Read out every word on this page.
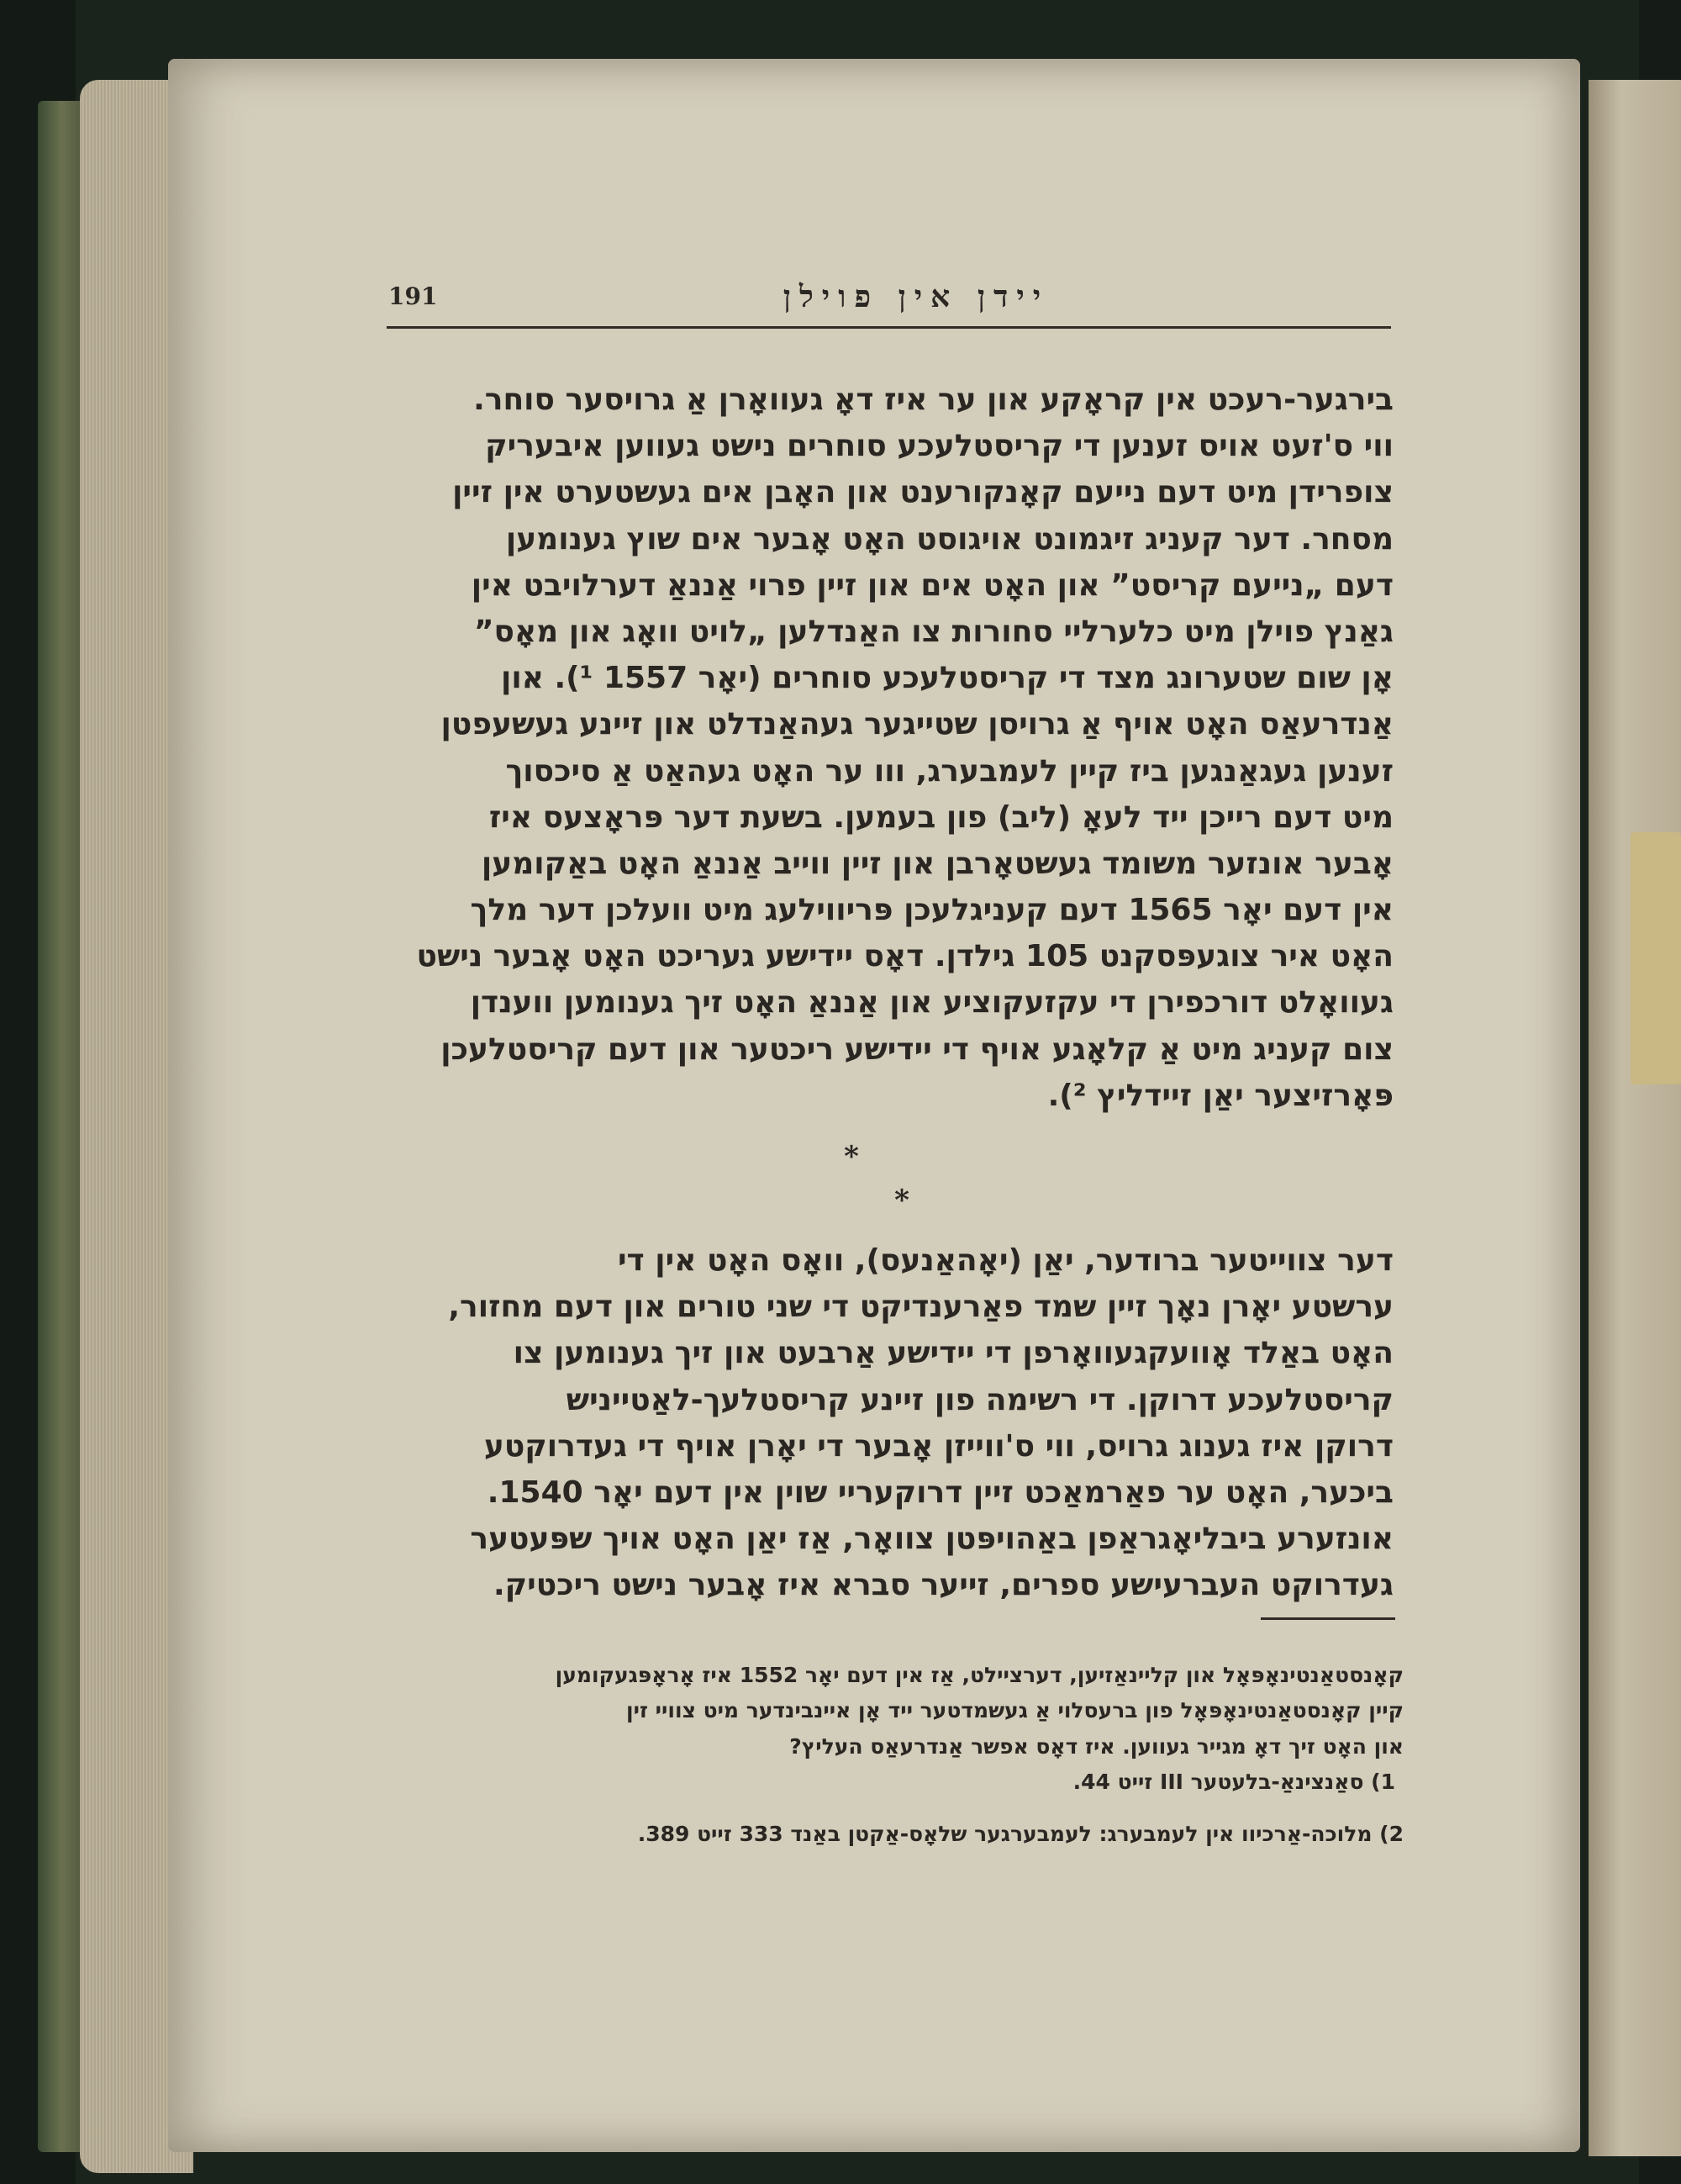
191	יידן אין פוילן
בירגער-רעכט אין קראָקע און ער איז דאָ געוואָרן אַ גרויסער סוחר.
ווי ס'זעט אויס זענען די קריסטלעכע סוחרים נישט געווען איבעריק
צופרידן מיט דעם נייעם קאָנקורענט און האָבן אים געשטערט אין זיין
מסחר. דער קעניג זיגמונט אויגוסט האָט אָבער אים שוץ גענומען
דעם „נייעם קריסט” און האָט אים און זיין פרוי אַננאַ דערלויבט אין
גאַנץ פוילן מיט כלערליי סחורות צו האַנדלען „לויט וואָג און מאָס”
אָן שום שטערונג מצד די קריסטלעכע סוחרים (יאָר 1557 ¹). און
אַנדרעאַס האָט אויף אַ גרויסן שטייגער געהאַנדלט און זיינע געשעפטן
זענען געגאַנגען ביז קיין לעמבערג, ווו ער האָט געהאַט אַ סיכסוך
מיט דעם רייכן ייד לעאָ (ליב) פון בעמען. בשעת דער פּראָצעס איז
אָבער אונזער משומד געשטאָרבן און זיין ווייב אַננאַ האָט באַקומען
אין דעם יאָר 1565 דעם קעניגלעכן פּריווילעג מיט וועלכן דער מלך
האָט איר צוגעפּסקנט 105 גילדן. דאָס יידישע געריכט האָט אָבער נישט
געוואָלט דורכפירן די עקזעקוציע און אַננאַ האָט זיך גענומען ווענדן
צום קעניג מיט אַ קלאָגע אויף די יידישע ריכטער און דעם קריסטלעכן
פּאָרזיצער יאַן זיידליץ ²).
*
*
דער צווייטער ברודער, יאַן (יאָהאַנעס), וואָס האָט אין די
ערשטע יאָרן נאָך זיין שמד פאַרענדיקט די שני טורים און דעם מחזור,
האָט באַלד אָוועקגעוואָרפן די יידישע אַרבעט און זיך גענומען צו
קריסטלעכע דרוקן. די רשימה פון זיינע קריסטלעך-לאַטייניש
דרוקן איז גענוג גרויס, ווי ס'ווייזן אָבער די יאָרן אויף די געדרוקטע
ביכער, האָט ער פאַרמאַכט זיין דרוקעריי שוין אין דעם יאָר 1540.
אונזערע ביבליאָגראַפן באַהויפּטן צוואָר, אַז יאַן האָט אויך שפּעטער
געדרוקט העברעישע ספרים, זייער סברא איז אָבער נישט ריכטיק.
קאָנסטאַנטינאָפּאָל און קליינאַזיען, דערציילט, אַז אין דעם יאָר 1552 איז אָראָפּגעקומען
קיין קאָנסטאַנטינאָפּאָל פון ברעסלוי אַ געשמדטער ייד אָן איינבינדער מיט צוויי זין
און האָט זיך דאָ מגייר געווען. איז דאָס אפשר אַנדרעאַס העליץ?
1) סאַנצינאַ-בלעטער III זייט 44.
2) מלוכה-אַרכיוו אין לעמבערג: לעמבערגער שלאָס-אַקטן באַנד 333 זייט 389.
